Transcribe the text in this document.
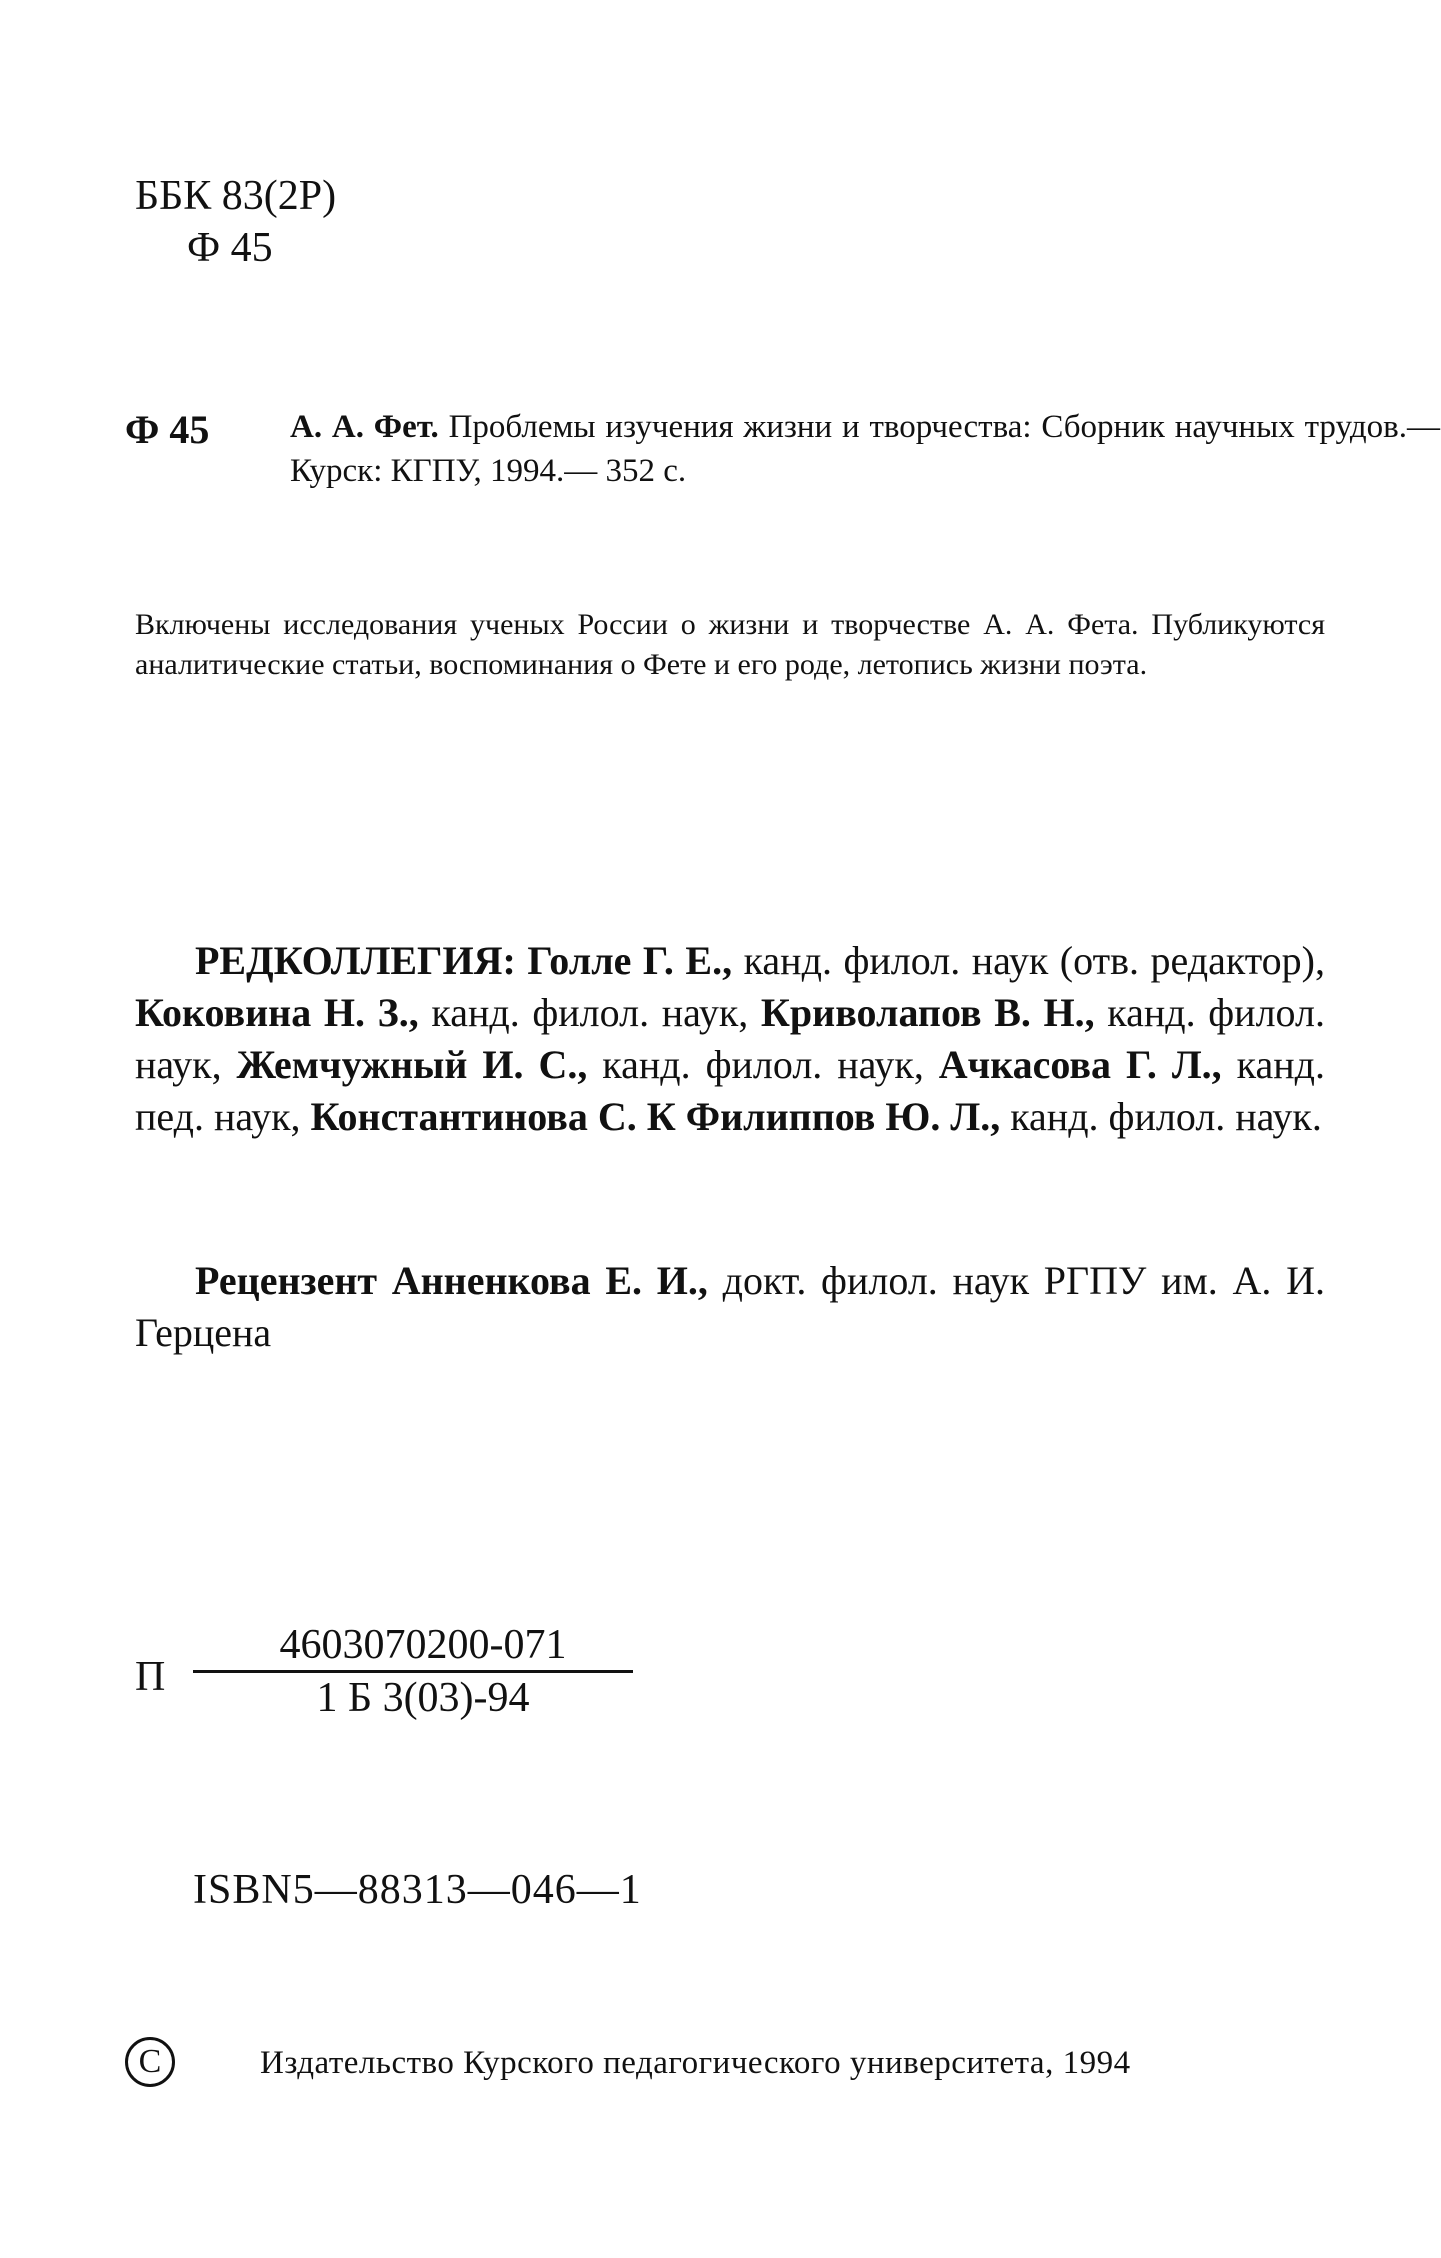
ББК 83(2Р)
Ф 45
Ф 45 А. А. Фет. Проблемы изучения жизни и творчества: Сборник научных трудов.— Курск: КГПУ, 1994.— 352 с.
Включены исследования ученых России о жизни и творчестве А. А. Фета. Публикуются аналитические статьи, воспоминания о Фете и его роде, летопись жизни поэта.
РЕДКОЛЛЕГИЯ: Голле Г. Е., канд. филол. наук (отв. редактор), Коковина Н. З., канд. филол. наук, Криволапов В. Н., канд. филол. наук, Жемчужный И. С., канд. филол. наук, Ачкасова Г. Л., канд. пед. наук, Константинова С. К Филиппов Ю. Л., канд. филол. наук.
Рецензент Анненкова Е. И., докт. филол. наук РГПУ им. А. И. Герцена
П
4603070200-071
1 Б 3(03)-94
ISBN5—88313—046—1
C	Издательство Курского педагогического университета, 1994
